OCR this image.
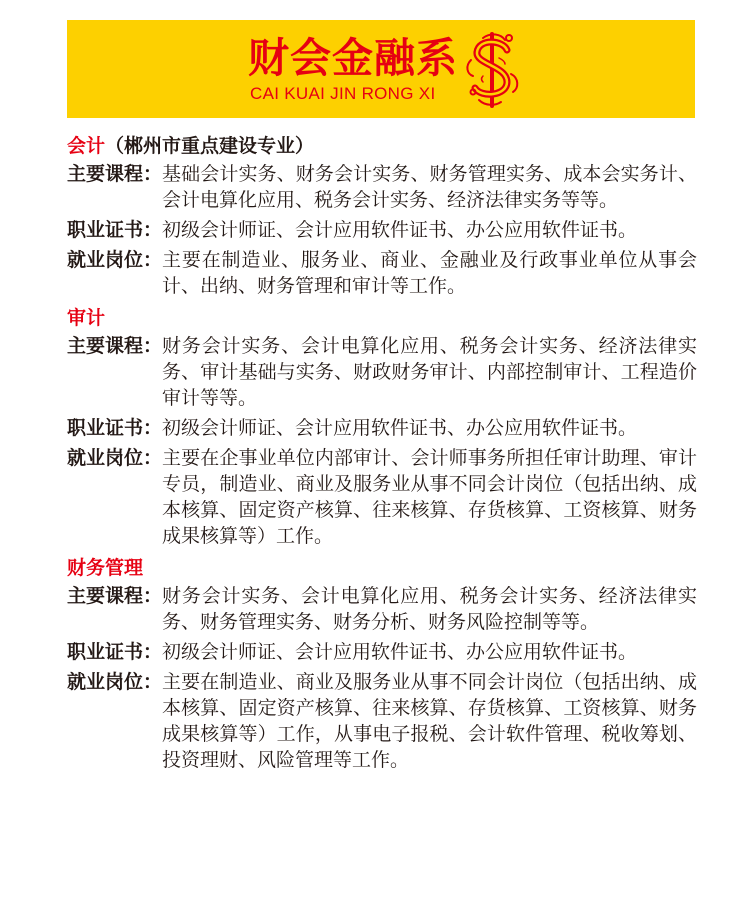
财会金融系
CAI KUAI JIN RONG XI
会计（郴州市重点建设专业）
主要课程： 基础会计实务、财务会计实务、财务管理实务、成本会实务计、会计电算化应用、税务会计实务、经济法律实务等等。
职业证书： 初级会计师证、会计应用软件证书、办公应用软件证书。
就业岗位： 主要在制造业、服务业、商业、金融业及行政事业单位从事会计、出纳、财务管理和审计等工作。
审计
主要课程： 财务会计实务、会计电算化应用、税务会计实务、经济法律实务、审计基础与实务、财政财务审计、内部控制审计、工程造价审计等等。
职业证书： 初级会计师证、会计应用软件证书、办公应用软件证书。
就业岗位： 主要在企事业单位内部审计、会计师事务所担任审计助理、审计专员，制造业、商业及服务业从事不同会计岗位（包括出纳、成本核算、固定资产核算、往来核算、存货核算、工资核算、财务成果核算等）工作。
财务管理
主要课程： 财务会计实务、会计电算化应用、税务会计实务、经济法律实务、财务管理实务、财务分析、财务风险控制等等。
职业证书： 初级会计师证、会计应用软件证书、办公应用软件证书。
就业岗位： 主要在制造业、商业及服务业从事不同会计岗位（包括出纳、成本核算、固定资产核算、往来核算、存货核算、工资核算、财务成果核算等）工作，从事电子报税、会计软件管理、税收筹划、投资理财、风险管理等工作。
